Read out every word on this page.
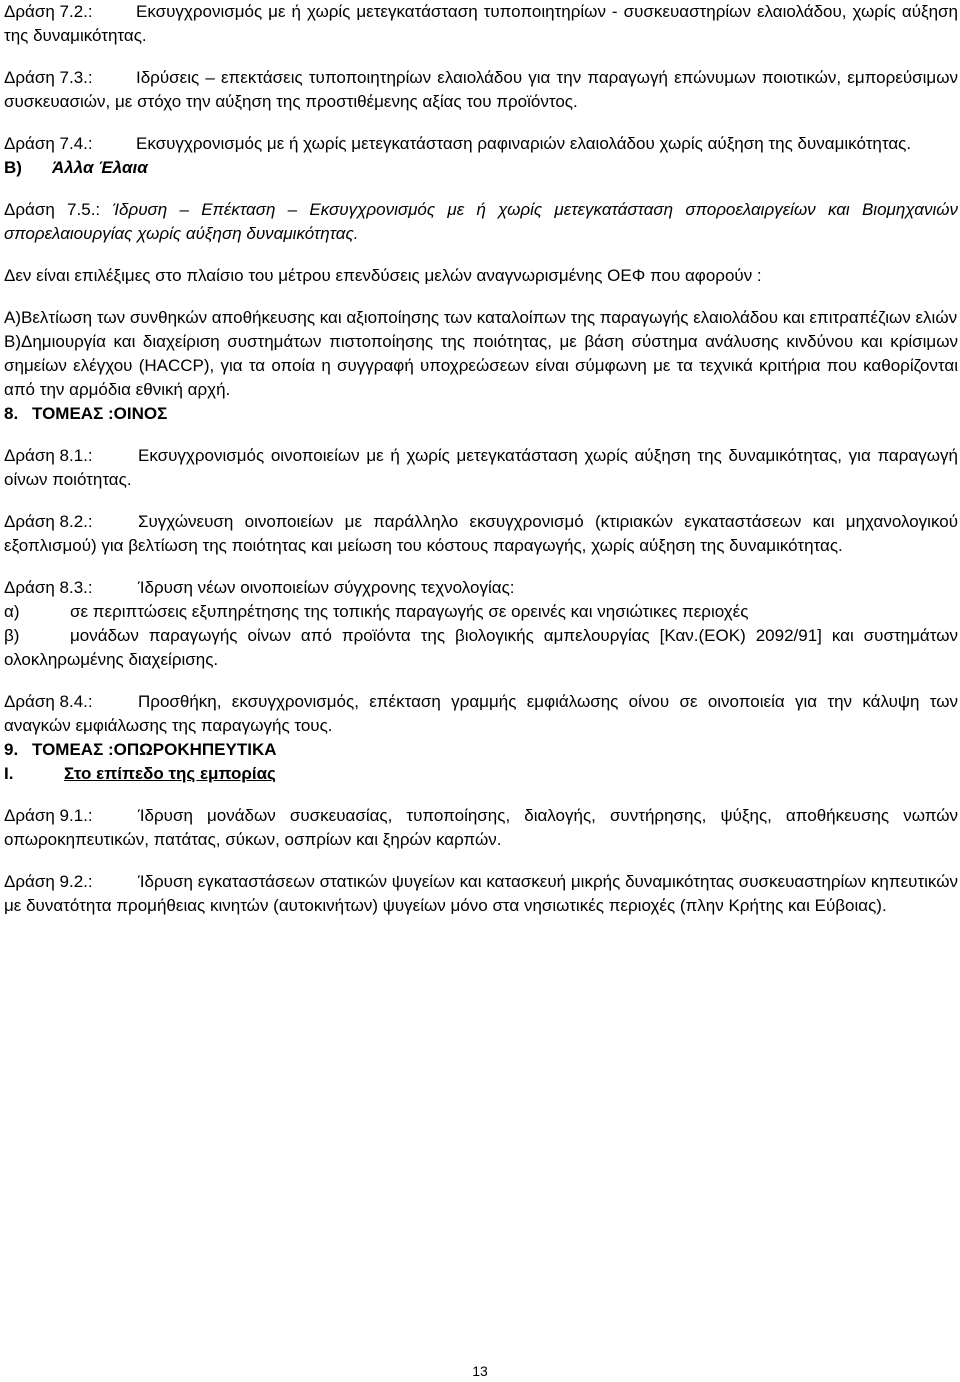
Δράση 7.2.:	Εκσυγχρονισμός με ή χωρίς μετεγκατάσταση τυποποιητηρίων - συσκευαστηρίων ελαιολάδου, χωρίς αύξηση της δυναμικότητας.

Δράση 7.3.:	Ιδρύσεις – επεκτάσεις τυποποιητηρίων ελαιολάδου για την παραγωγή επώνυμων ποιοτικών, εμπορεύσιμων συσκευασιών, με στόχο την αύξηση της προστιθέμενης αξίας του προϊόντος.

Δράση 7.4.:	Εκσυγχρονισμός με ή χωρίς μετεγκατάσταση ραφιναριών ελαιολάδου χωρίς αύξηση της δυναμικότητας.

Β) Άλλα Έλαια

Δράση 7.5.: Ίδρυση – Επέκταση – Εκσυγχρονισμός με ή χωρίς μετεγκατάσταση σποροελαιργείων και Βιομηχανιών σπορελαιουργίας χωρίς αύξηση δυναμικότητας.

Δεν είναι επιλέξιμες στο πλαίσιο του μέτρου επενδύσεις μελών αναγνωρισμένης ΟΕΦ που αφορούν :

Α)Βελτίωση των συνθηκών αποθήκευσης και αξιοποίησης των καταλοίπων της παραγωγής ελαιολάδου και επιτραπέζιων ελιών

Β)Δημιουργία και διαχείριση συστημάτων πιστοποίησης της ποιότητας, με βάση σύστημα ανάλυσης κινδύνου και κρίσιμων σημείων ελέγχου (HACCP), για τα οποία η συγγραφή υποχρεώσεων είναι σύμφωνη με τα τεχνικά κριτήρια που καθορίζονται από την αρμόδια εθνική αρχή.

8. ΤΟΜΕΑΣ :ΟΙΝΟΣ

Δράση 8.1.:	Εκσυγχρονισμός οινοποιείων με ή χωρίς μετεγκατάσταση χωρίς αύξηση της δυναμικότητας, για παραγωγή οίνων ποιότητας.

Δράση 8.2.:	Συγχώνευση οινοποιείων με παράλληλο εκσυγχρονισμό (κτιριακών εγκαταστάσεων και μηχανολογικού εξοπλισμού) για βελτίωση της ποιότητας και μείωση του κόστους παραγωγής, χωρίς αύξηση της δυναμικότητας.

Δράση 8.3.:	Ίδρυση νέων οινοποιείων σύγχρονης τεχνολογίας:

α)	σε περιπτώσεις εξυπηρέτησης της τοπικής παραγωγής σε ορεινές και νησιώτικες περιοχές

β)	μονάδων παραγωγής οίνων από προϊόντα της βιολογικής αμπελουργίας [Καν.(ΕΟΚ) 2092/91] και συστημάτων ολοκληρωμένης διαχείρισης.

Δράση 8.4.:	Προσθήκη, εκσυγχρονισμός, επέκταση γραμμής εμφιάλωσης οίνου σε οινοποιεία για την κάλυψη των αναγκών εμφιάλωσης της παραγωγής τους.

9. ΤΟΜΕΑΣ :ΟΠΩΡΟΚΗΠΕΥΤΙΚΑ

Ι.	Στο επίπεδο της εμπορίας

Δράση 9.1.:	Ίδρυση μονάδων συσκευασίας, τυποποίησης, διαλογής, συντήρησης, ψύξης, αποθήκευσης νωπών οπωροκηπευτικών, πατάτας, σύκων, οσπρίων και ξηρών καρπών.

Δράση 9.2.:	Ίδρυση εγκαταστάσεων στατικών ψυγείων και κατασκευή μικρής δυναμικότητας συσκευαστηρίων κηπευτικών με δυνατότητα προμήθειας κινητών (αυτοκινήτων) ψυγείων μόνο στα νησιωτικές περιοχές (πλην Κρήτης και Εύβοιας).

13
